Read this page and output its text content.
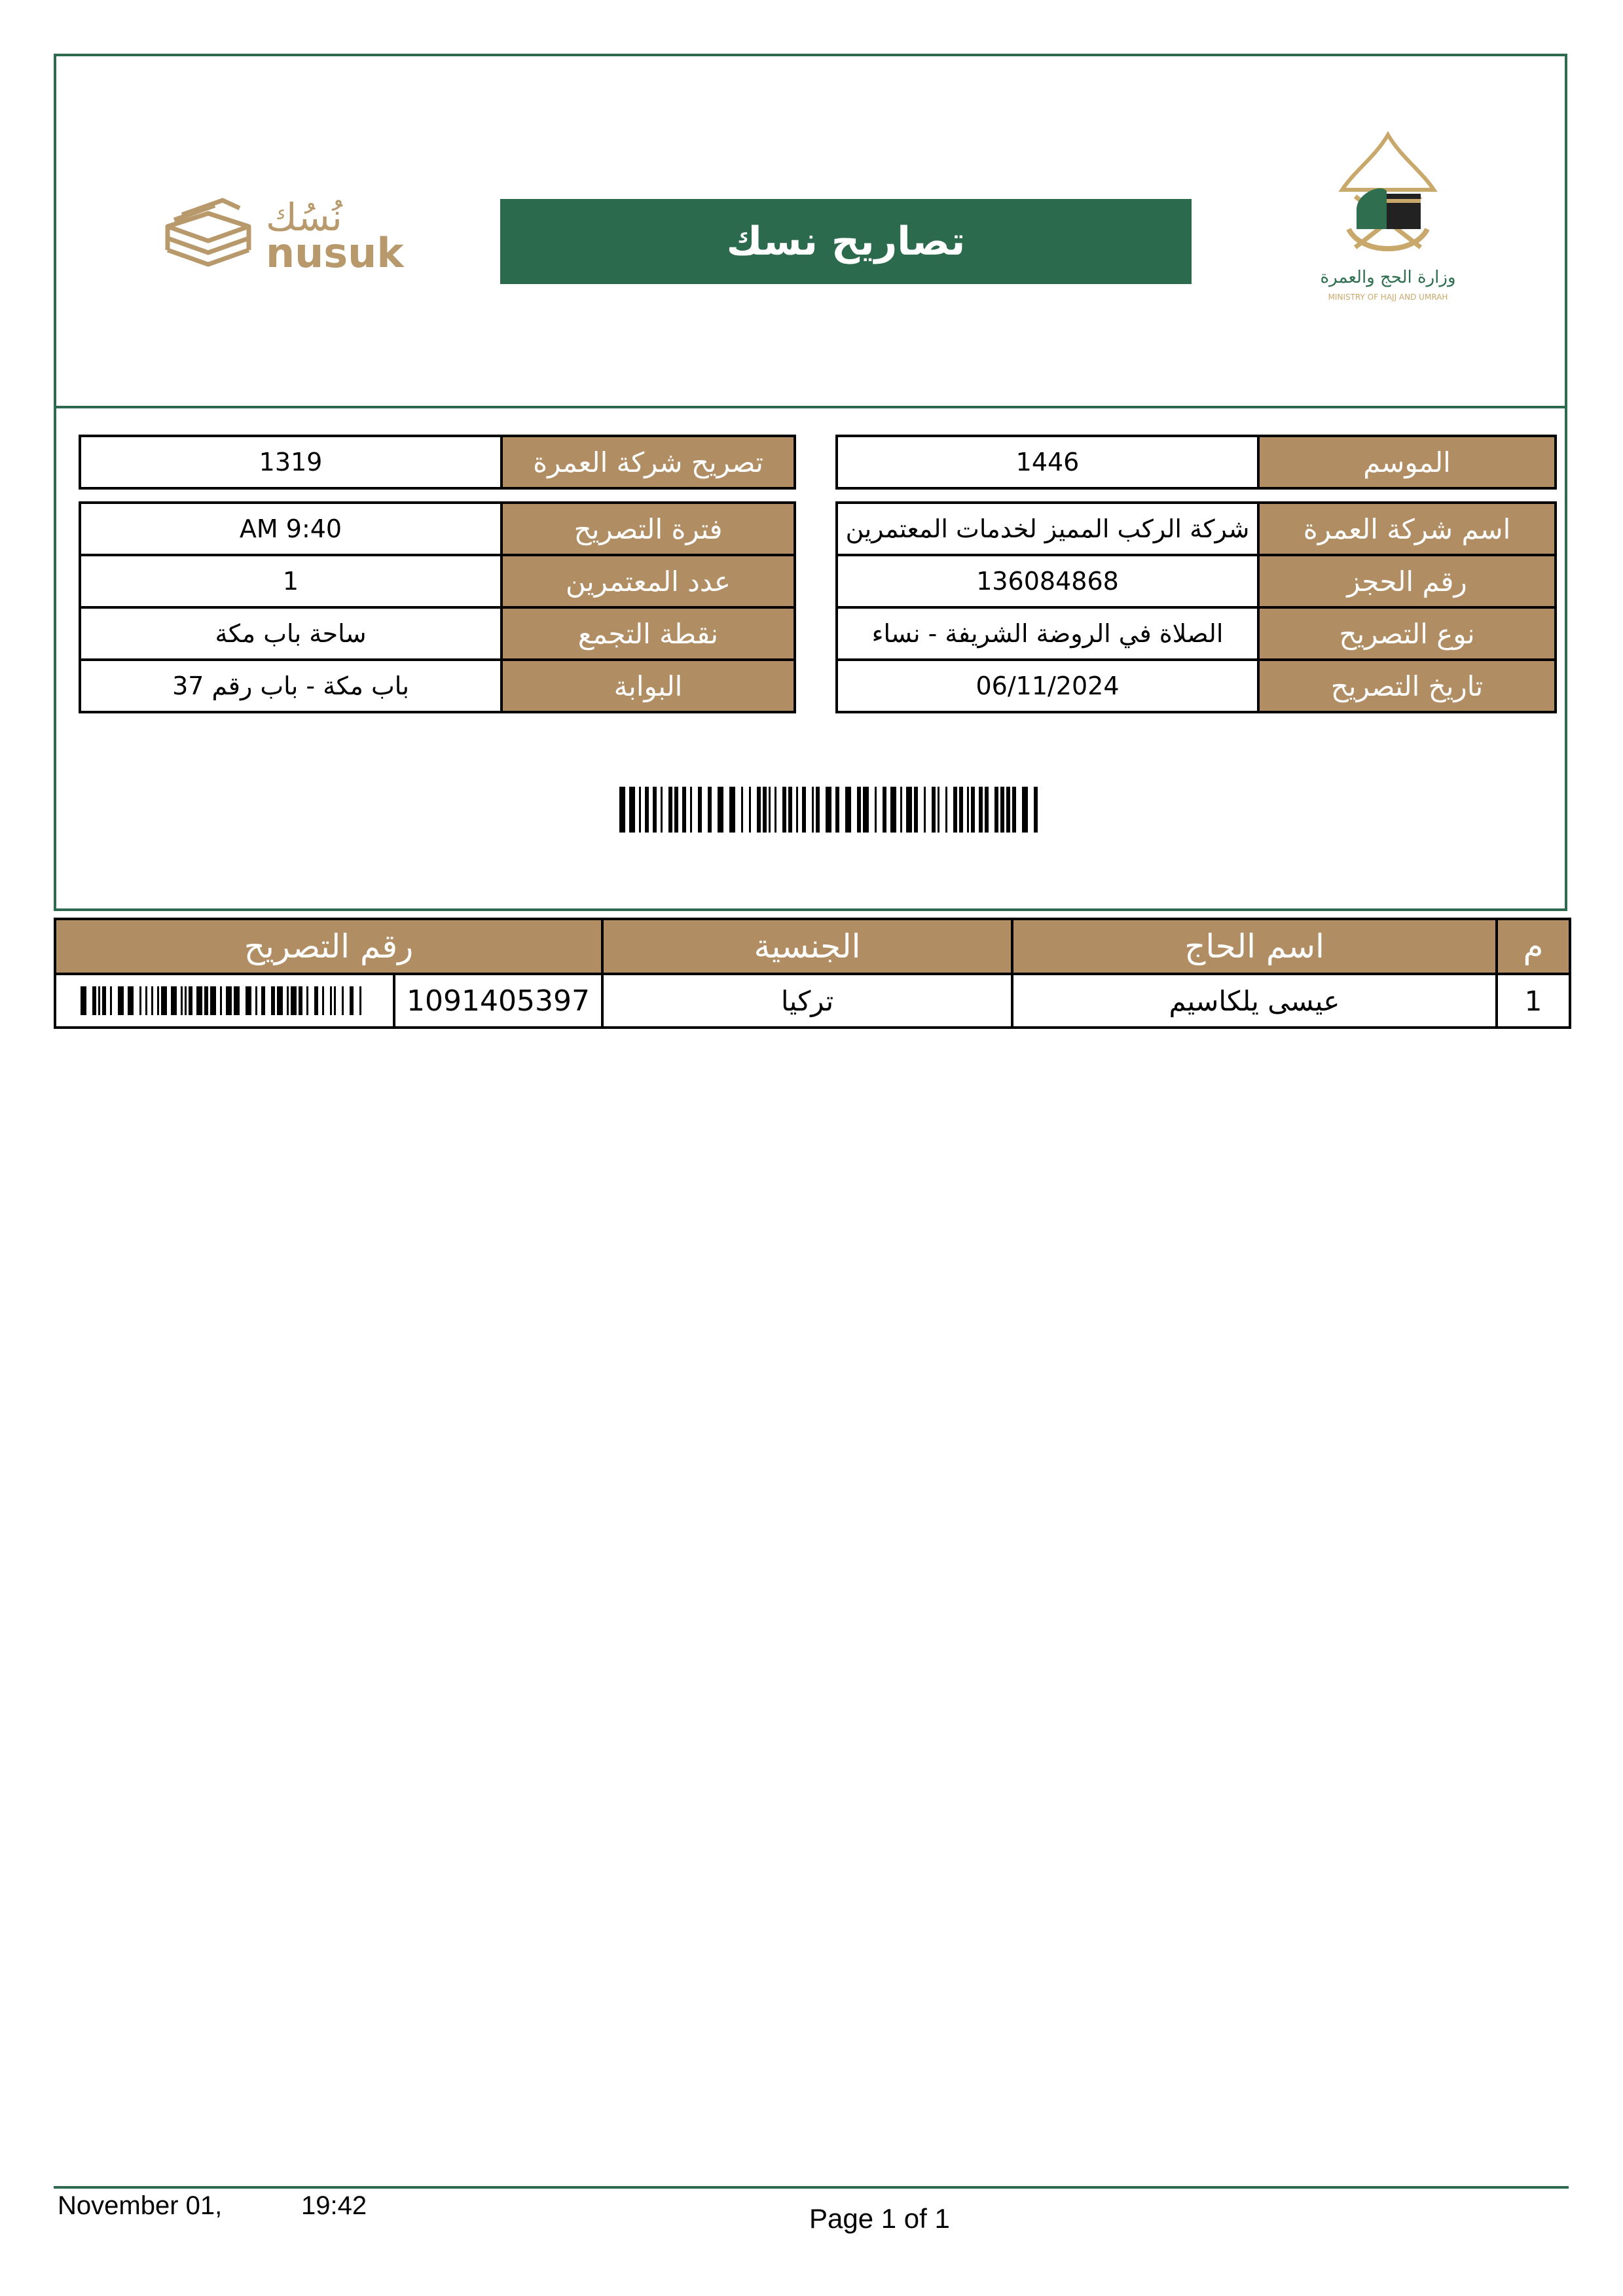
نُسُك
nusuk	تصاريح نسك
وزارة الحج والعمرة
MINISTRY OF HAJJ AND UMRAH
1446	الموسم

شركة الركب المميز لخدمات المعتمرين	اسم شركة العمرة
136084868	رقم الحجز
الصلاة في الروضة الشريفة - نساء	نوع التصريح
06/11/2024	تاريخ التصريح
1319	تصريح شركة العمرة

9:40 AM	فترة التصريح
1	عدد المعتمرين
ساحة باب مكة	نقطة التجمع
باب مكة - باب رقم 37	البوابة
رقم التصريح		الجنسية	اسم الحاج	م

	1091405397	تركيا	عيسى يلكاسيم	1
November 01,	19:42	Page 1 of 1
